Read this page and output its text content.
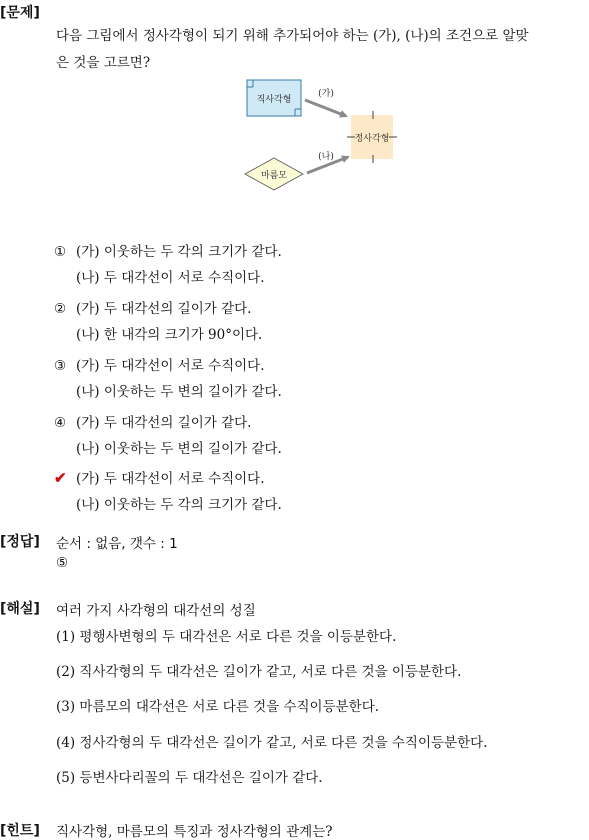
[문제]
다음 그림에서 정사각형이 되기 위해 추가되어야 하는 (가), (나)의 조건으로 알맞
은 것을 고르면?
직사각형
마름모
정사각형
(가)
(나)
① (가) 이웃하는 두 각의 크기가 같다.
(나) 두 대각선이 서로 수직이다.
② (가) 두 대각선의 길이가 같다.
(나) 한 내각의 크기가 90°이다.
③ (가) 두 대각선이 서로 수직이다.
(나) 이웃하는 두 변의 길이가 같다.
④ (가) 두 대각선의 길이가 같다.
(나) 이웃하는 두 변의 길이가 같다.
✔ (가) 두 대각선이 서로 수직이다.
(나) 이웃하는 두 각의 크기가 같다.
[정답] 순서 : 없음, 갯수 : 1
⑤
[해설] 여러 가지 사각형의 대각선의 성질
(1) 평행사변형의 두 대각선은 서로 다른 것을 이등분한다.
(2) 직사각형의 두 대각선은 길이가 같고, 서로 다른 것을 이등분한다.
(3) 마름모의 대각선은 서로 다른 것을 수직이등분한다.
(4) 정사각형의 두 대각선은 길이가 같고, 서로 다른 것을 수직이등분한다.
(5) 등변사다리꼴의 두 대각선은 길이가 같다.
[힌트] 직사각형, 마름모의 특징과 정사각형의 관계는?
